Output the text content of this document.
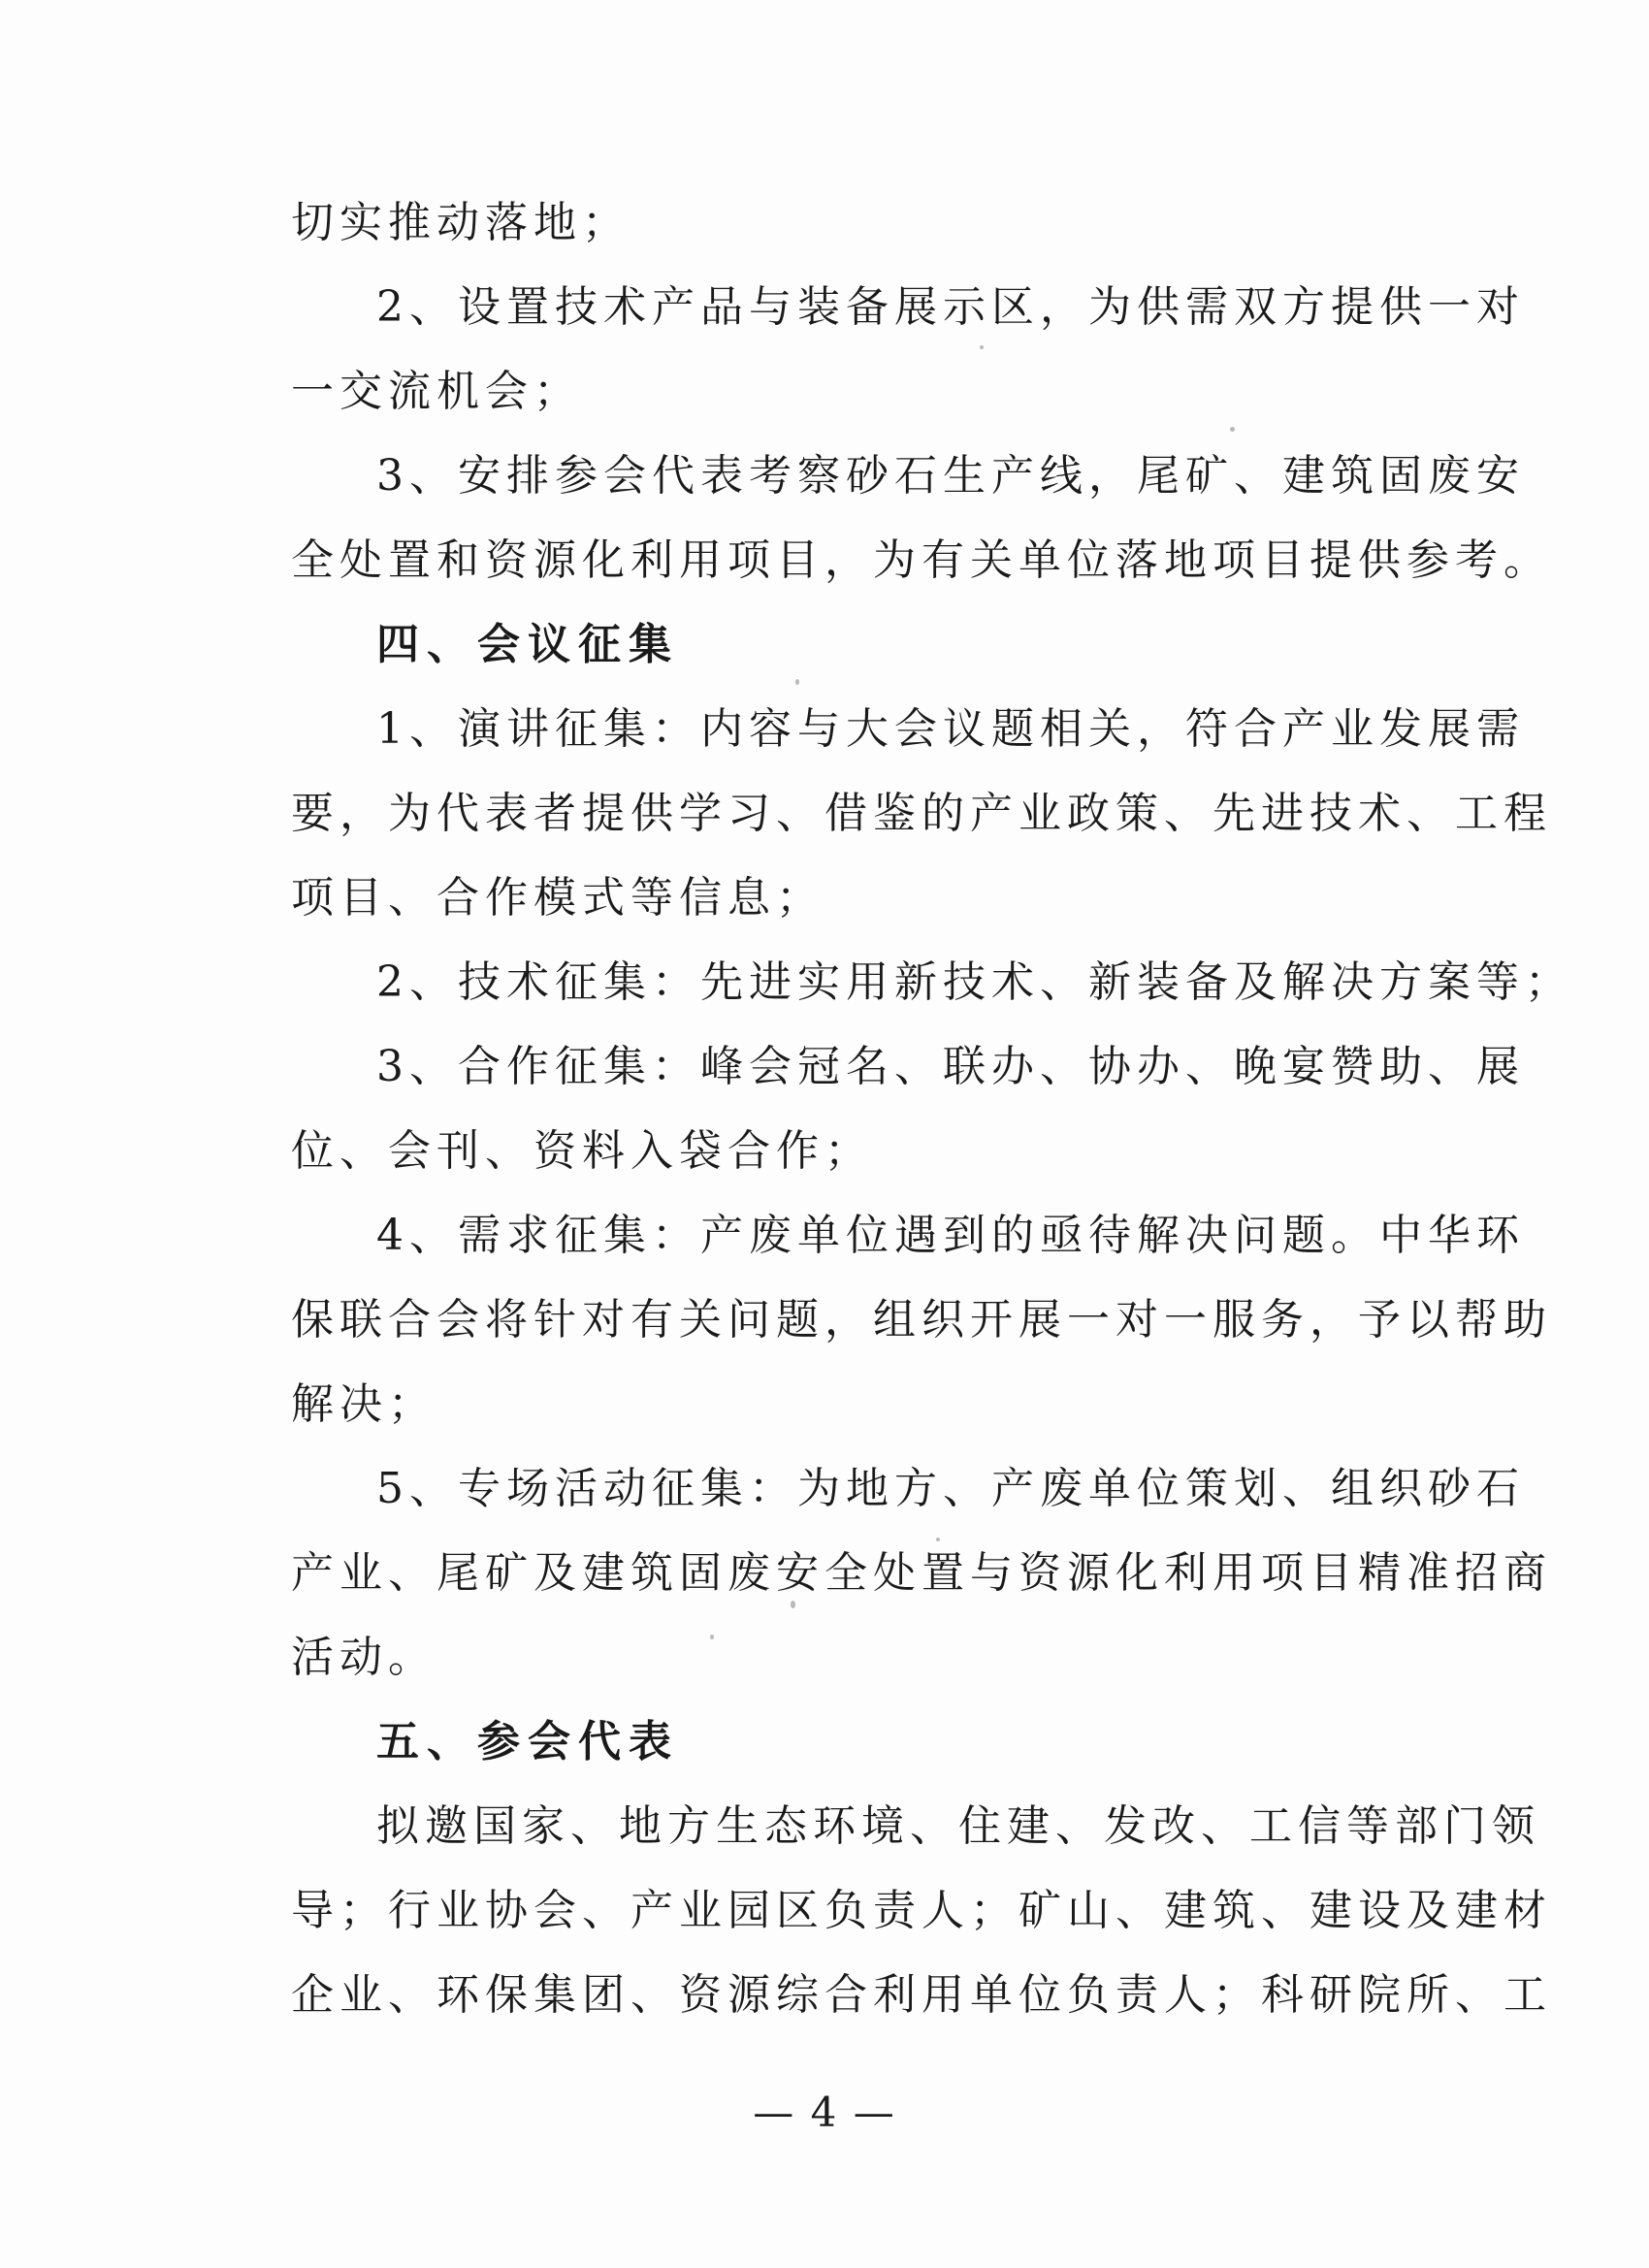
切实推动落地；
2、设置技术产品与装备展示区，为供需双方提供一对
一交流机会；
3、安排参会代表考察砂石生产线，尾矿、建筑固废安
全处置和资源化利用项目，为有关单位落地项目提供参考。
四、会议征集
1、演讲征集：内容与大会议题相关，符合产业发展需
要，为代表者提供学习、借鉴的产业政策、先进技术、工程
项目、合作模式等信息；
2、技术征集：先进实用新技术、新装备及解决方案等；
3、合作征集：峰会冠名、联办、协办、晚宴赞助、展
位、会刊、资料入袋合作；
4、需求征集：产废单位遇到的亟待解决问题。中华环
保联合会将针对有关问题，组织开展一对一服务，予以帮助
解决；
5、专场活动征集：为地方、产废单位策划、组织砂石
产业、尾矿及建筑固废安全处置与资源化利用项目精准招商
活动。
五、参会代表
拟邀国家、地方生态环境、住建、发改、工信等部门领
导；行业协会、产业园区负责人；矿山、建筑、建设及建材
企业、环保集团、资源综合利用单位负责人；科研院所、工
— 4 —
